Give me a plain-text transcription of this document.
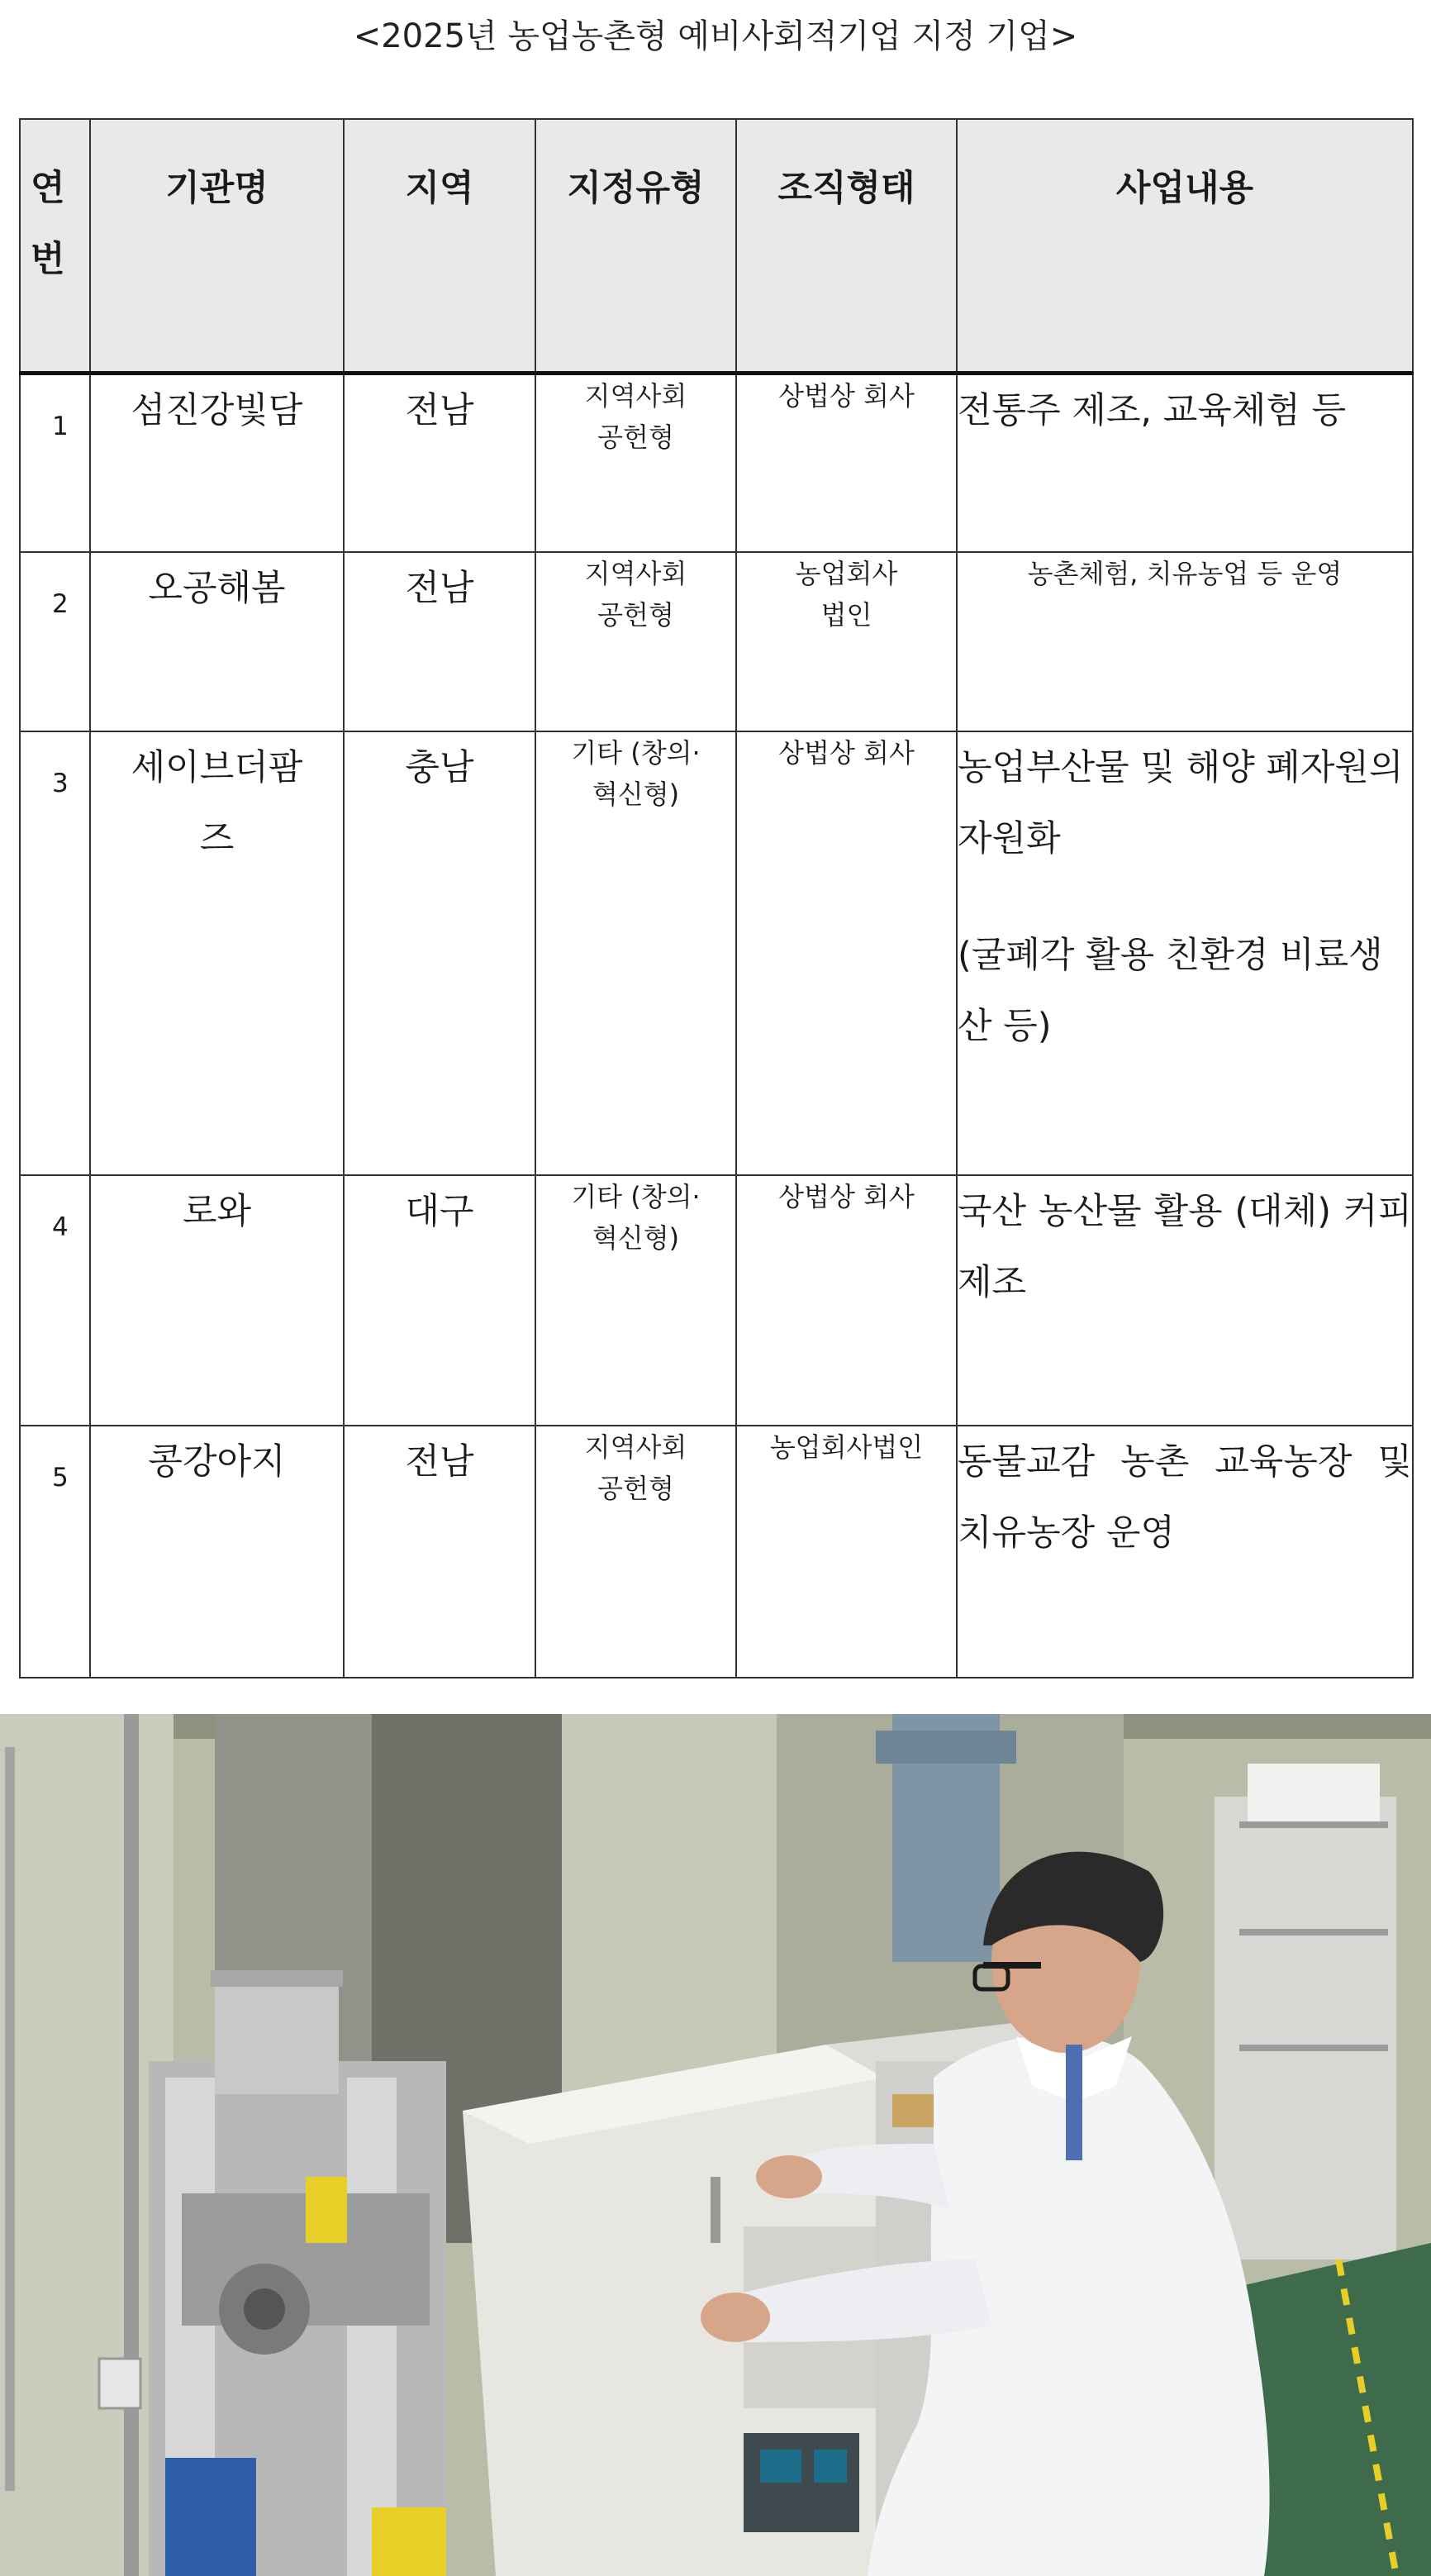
<2025년 농업농촌형 예비사회적기업 지정 기업>
연번	기관명	지역	지정유형	조직형태	사업내용
1	섬진강빛담	전남	지역사회 공헌형	상법상 회사	전통주 제조, 교육체험 등

2	오공해봄	전남	지역사회 공헌형	농업회사 법인	농촌체험, 치유농업 등 운영

3	세이브더팜즈	충남	기타 (창의·혁신형)	상법상 회사	농업부산물 및 해양 폐자원의 자원화
(굴폐각 활용 친환경 비료생산 등)

4	로와	대구	기타 (창의·혁신형)	상법상 회사	국산 농산물 활용 (대체) 커피 제조

5	콩강아지	전남	지역사회 공헌형	농업회사법인	동물교감 농촌 교육농장 및 치유농장 운영
